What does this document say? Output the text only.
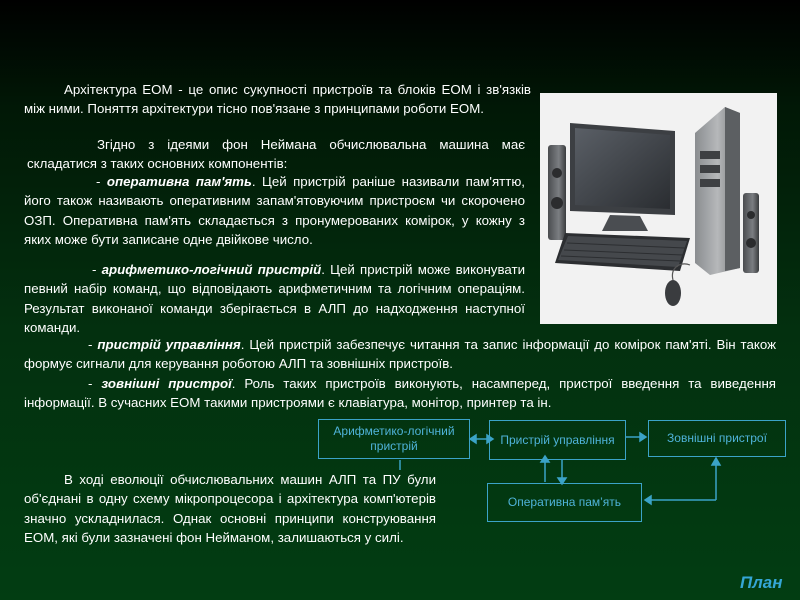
Архітектура ЕОМ - це опис сукупності пристроїв та блоків ЕОМ і зв'язків між ними. Поняття архітектури тісно пов'язане з принципами роботи ЕОМ.

Згідно з ідеями фон Неймана обчислювальна машина має складатися з таких основних компонентів:

- оперативна пам'ять. Цей пристрій раніше називали пам'яттю, його також називають оперативним запам'ятовуючим пристроєм чи скорочено ОЗП. Оперативна пам'ять складається з пронумерованих комірок, у кожну з яких може бути записане одне двійкове число.

- арифметико-логічний пристрій. Цей пристрій може виконувати певний набір команд, що відповідають арифметичним та логічним операціям. Результат виконаної команди зберігається в АЛП до надходження наступної команди.

- пристрій управління. Цей пристрій забезпечує читання та запис інформації до комірок пам'яті. Він також формує сигнали для керування роботою АЛП та зовнішніх пристроїв.

- зовнішні пристрої. Роль таких пристроїв виконують, насамперед, пристрої введення та виведення інформації. В сучасних ЕОМ такими пристроями є клавіатура, монітор, принтер та ін.

Арифметико-логічний пристрій	Пристрій управління	Зовнішні пристрої
Оперативна пам’ять

В ході еволюції обчислювальних машин АЛП та ПУ були об'єднані в одну схему мікропроцесора і архітектура комп'ютерів значно ускладнилася. Однак основні принципи конструювання ЕОМ, які були зазначені фон Нейманом, залишаються у силі.

План
